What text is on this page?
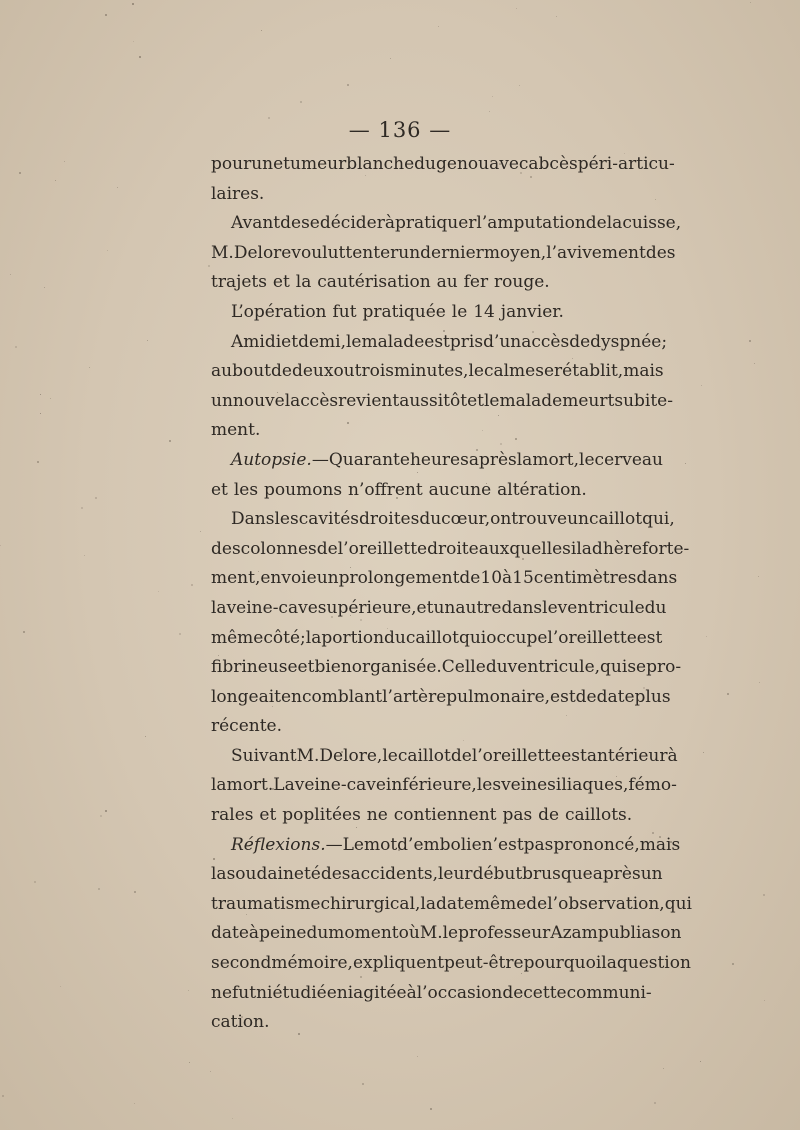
— 136 —
pour une tumeur blanche du genou avec abcès péri-articu-
laires.
Avant de se décider à pratiquer l’amputation de la cuisse,
M. Delore voulut tenter un dernier moyen, l’avivement des
trajets et la cautérisation au fer rouge.
L’opération fut pratiquée le 14 janvier.
A midi et demi, le malade est pris d’un accès de dyspnée;
au bout de deux ou trois minutes, le calme se rétablit, mais
un nouvel accès revient aussitôt et le malade meurt subite-
ment.
Autopsie. — Quarante heures après la mort, le cerveau
et les poumons n’offrent aucune altération.
Dans les cavités droites du cœur, on trouve un caillot qui,
des colonnes de l’oreillette droite auxquelles il adhère forte-
ment, envoie un prolongement de 10 à 15 centimètres dans
la veine-cave supérieure, et un autre dans le ventricule du
même côté; la portion du caillot qui occupe l’oreillette est
fibrineuse et bien organisée. Celle du ventricule, qui se pro-
longeait en comblant l’artère pulmonaire, est de date plus
récente.
Suivant M. Delore, le caillot de l’oreillette est antérieur à
la mort. La veine-cave inférieure, les veines iliaques, fémo-
rales et poplitées ne contiennent pas de caillots.
Réflexions. — Le mot d’embolie n’est pas prononcé, mais
la soudaineté des accidents, leur début brusque après un
traumatisme chirurgical, la date même de l’observation, qui
date à peine du moment où M. le professeur Azam publia son
second mémoire, expliquent peut-être pourquoi la question
ne fut ni étudiée ni agitée à l’occasion de cette communi-
cation.
